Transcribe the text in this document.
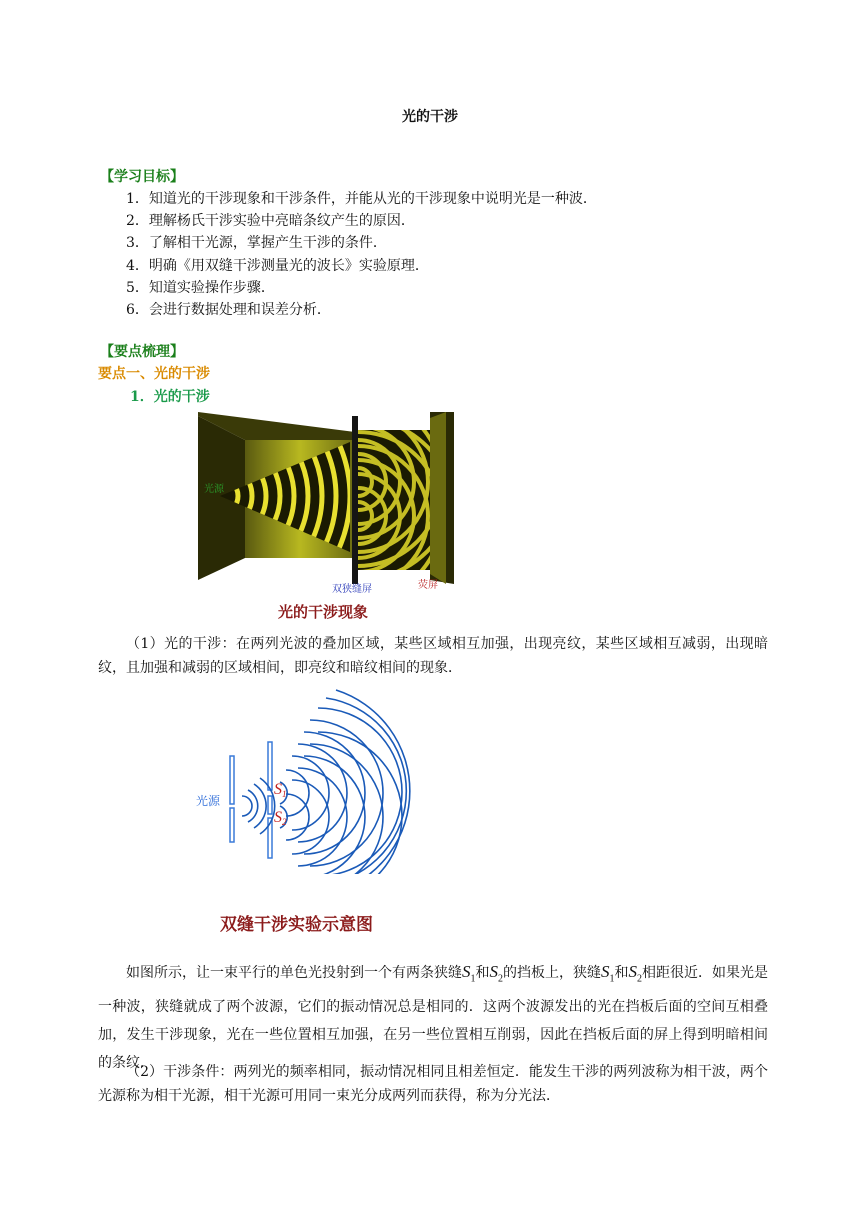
光的干涉
【学习目标】
1．知道光的干涉现象和干涉条件，并能从光的干涉现象中说明光是一种波．
2．理解杨氏干涉实验中亮暗条纹产生的原因．
3．了解相干光源，掌握产生干涉的条件．
4．明确《用双缝干涉测量光的波长》实验原理．
5．知道实验操作步骤．
6．会进行数据处理和误差分析．
【要点梳理】
要点一、光的干涉
1．光的干涉
光源
双狭缝屏	荧屏
光的干涉现象
（1）光的干涉：在两列光波的叠加区域，某些区域相互加强，出现亮纹，某些区域相互减弱，出现暗纹，且加强和减弱的区域相间，即亮纹和暗纹相间的现象．
光源
S1
S2
双缝干涉实验示意图
如图所示，让一束平行的单色光投射到一个有两条狭缝$S_1$和$S_2$的挡板上，狭缝$S_1$和$S_2$相距很近．如果光是一种波，狭缝就成了两个波源，它们的振动情况总是相同的．这两个波源发出的光在挡板后面的空间互相叠加，发生干涉现象，光在一些位置相互加强，在另一些位置相互削弱，因此在挡板后面的屏上得到明暗相间的条纹．
（2）干涉条件：两列光的频率相同，振动情况相同且相差恒定．能发生干涉的两列波称为相干波，两个光源称为相干光源，相干光源可用同一束光分成两列而获得，称为分光法．
